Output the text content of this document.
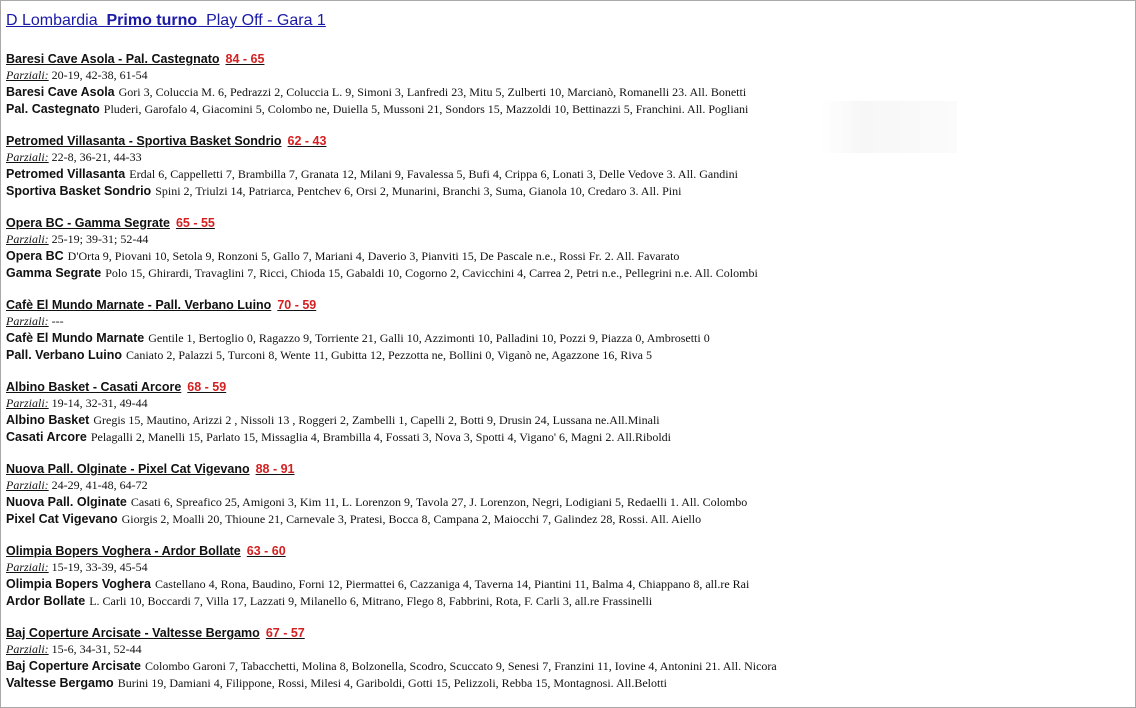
D Lombardia Primo turno Play Off - Gara 1
Baresi Cave Asola - Pal. Castegnato 84 - 65
Parziali: 20-19, 42-38, 61-54
Baresi Cave Asola Gori 3, Coluccia M. 6, Pedrazzi 2, Coluccia L. 9, Simoni 3, Lanfredi 23, Mitu 5, Zulberti 10, Marcianò, Romanelli 23. All. Bonetti
Pal. Castegnato Pluderi, Garofalo 4, Giacomini 5, Colombo ne, Duiella 5, Mussoni 21, Sondors 15, Mazzoldi 10, Bettinazzi 5, Franchini. All. Pogliani
Petromed Villasanta - Sportiva Basket Sondrio 62 - 43
Parziali: 22-8, 36-21, 44-33
Petromed Villasanta Erdal 6, Cappelletti 7, Brambilla 7, Granata 12, Milani 9, Favalessa 5, Bufi 4, Crippa 6, Lonati 3, Delle Vedove 3. All. Gandini
Sportiva Basket Sondrio Spini 2, Triulzi 14, Patriarca, Pentchev 6, Orsi 2, Munarini, Branchi 3, Suma, Gianola 10, Credaro 3. All. Pini
Opera BC - Gamma Segrate 65 - 55
Parziali: 25-19; 39-31; 52-44
Opera BC D'Orta 9, Piovani 10, Setola 9, Ronzoni 5, Gallo 7, Mariani 4, Daverio 3, Pianviti 15, De Pascale n.e., Rossi Fr. 2. All. Favarato
Gamma Segrate Polo 15, Ghirardi, Travaglini 7, Ricci, Chioda 15, Gabaldi 10, Cogorno 2, Cavicchini 4, Carrea 2, Petri n.e., Pellegrini n.e. All. Colombi
Cafè El Mundo Marnate - Pall. Verbano Luino 70 - 59
Parziali: ---
Cafè El Mundo Marnate Gentile 1, Bertoglio 0, Ragazzo 9, Torriente 21, Galli 10, Azzimonti 10, Palladini 10, Pozzi 9, Piazza 0, Ambrosetti 0
Pall. Verbano Luino Caniato 2, Palazzi 5, Turconi 8, Wente 11, Gubitta 12, Pezzotta ne, Bollini 0, Viganò ne, Agazzone 16, Riva 5
Albino Basket - Casati Arcore 68 - 59
Parziali: 19-14, 32-31, 49-44
Albino Basket Gregis 15, Mautino, Arizzi 2 , Nissoli 13 , Roggeri 2, Zambelli 1, Capelli 2, Botti 9, Drusin 24, Lussana ne.All.Minali
Casati Arcore Pelagalli 2, Manelli 15, Parlato 15, Missaglia 4, Brambilla 4, Fossati 3, Nova 3, Spotti 4, Vigano' 6, Magni 2. All.Riboldi
Nuova Pall. Olginate - Pixel Cat Vigevano 88 - 91
Parziali: 24-29, 41-48, 64-72
Nuova Pall. Olginate Casati 6, Spreafico 25, Amigoni 3, Kim 11, L. Lorenzon 9, Tavola 27, J. Lorenzon, Negri, Lodigiani 5, Redaelli 1. All. Colombo
Pixel Cat Vigevano Giorgis 2, Moalli 20, Thioune 21, Carnevale 3, Pratesi, Bocca 8, Campana 2, Maiocchi 7, Galindez 28, Rossi. All. Aiello
Olimpia Bopers Voghera - Ardor Bollate 63 - 60
Parziali: 15-19, 33-39, 45-54
Olimpia Bopers Voghera Castellano 4, Rona, Baudino, Forni 12, Piermattei 6, Cazzaniga 4, Taverna 14, Piantini 11, Balma 4, Chiappano 8, all.re Rai
Ardor Bollate L. Carli 10, Boccardi 7, Villa 17, Lazzati 9, Milanello 6, Mitrano, Flego 8, Fabbrini, Rota, F. Carli 3, all.re Frassinelli
Baj Coperture Arcisate - Valtesse Bergamo 67 - 57
Parziali: 15-6, 34-31, 52-44
Baj Coperture Arcisate Colombo Garoni 7, Tabacchetti, Molina 8, Bolzonella, Scodro, Scuccato 9, Senesi 7, Franzini 11, Iovine 4, Antonini 21. All. Nicora
Valtesse Bergamo Burini 19, Damiani 4, Filippone, Rossi, Milesi 4, Gariboldi, Gotti 15, Pelizzoli, Rebba 15, Montagnosi. All.Belotti
